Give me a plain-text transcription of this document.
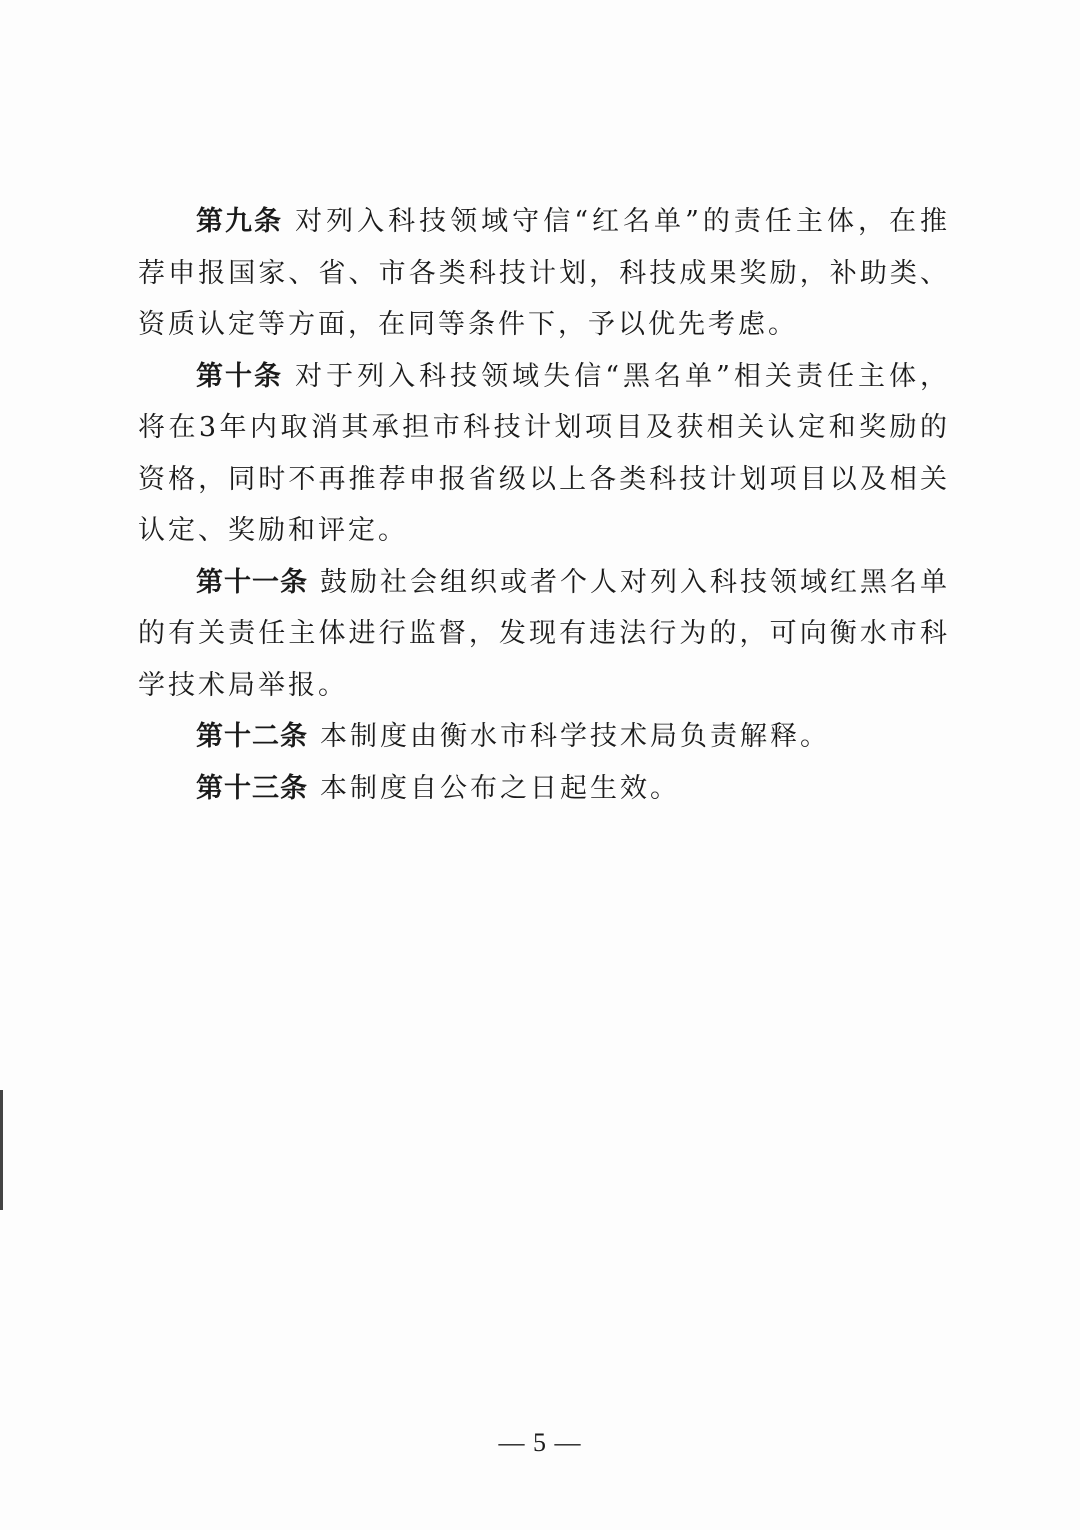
第九条 对列入科技领域守信“红名单”的责任主体，在推荐申报国家、省、市各类科技计划，科技成果奖励，补助类、资质认定等方面，在同等条件下，予以优先考虑。

第十条 对于列入科技领域失信“黑名单”相关责任主体，将在3年内取消其承担市科技计划项目及获相关认定和奖励的资格，同时不再推荐申报省级以上各类科技计划项目以及相关认定、奖励和评定。

第十一条 鼓励社会组织或者个人对列入科技领域红黑名单的有关责任主体进行监督，发现有违法行为的，可向衡水市科学技术局举报。

第十二条 本制度由衡水市科学技术局负责解释。

第十三条 本制度自公布之日起生效。

— 5 —
